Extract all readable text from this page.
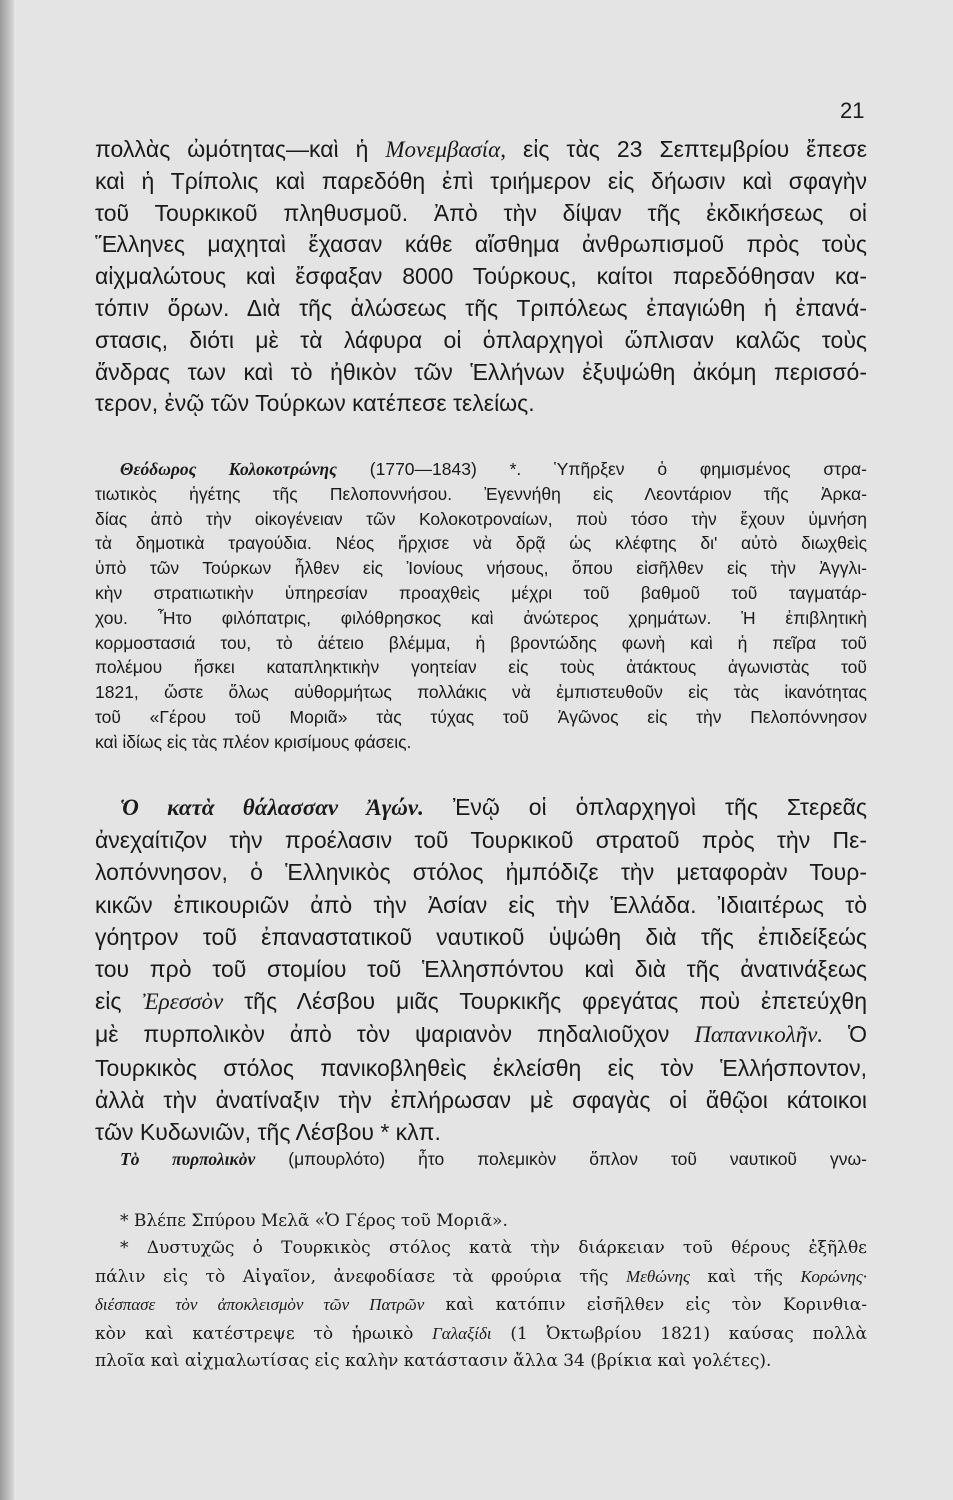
21
πολλὰς ὠμότητας—καὶ ἡ Μονεμβασία, εἰς τὰς 23 Σεπτεμβρίου ἔπεσε
καὶ ἡ Τρίπολις καὶ παρεδόθη ἐπὶ τριήμερον εἰς δήωσιν καὶ σφαγὴν
τοῦ Τουρκικοῦ πληθυσμοῦ. Ἀπὸ τὴν δίψαν τῆς ἐκδικήσεως οἱ
Ἕλληνες μαχηταὶ ἔχασαν κάθε αἴσθημα ἀνθρωπισμοῦ πρὸς τοὺς
αἰχμαλώτους καὶ ἔσφαξαν 8000 Τούρκους, καίτοι παρεδόθησαν κα-
τόπιν ὅρων. Διὰ τῆς ἁλώσεως τῆς Τριπόλεως ἐπαγιώθη ἡ ἐπανά-
στασις, διότι μὲ τὰ λάφυρα οἱ ὁπλαρχηγοὶ ὥπλισαν καλῶς τοὺς
ἄνδρας των καὶ τὸ ἠθικὸν τῶν Ἑλλήνων ἐξυψώθη ἀκόμη περισσό-
τερον, ἐνῷ τῶν Τούρκων κατέπεσε τελείως.
Θεόδωρος Κολοκοτρώνης (1770—1843) *. Ὑπῆρξεν ὁ φημισμένος στρα-
τιωτικὸς ἡγέτης τῆς Πελοποννήσου. Ἐγεννήθη εἰς Λεοντάριον τῆς Ἀρκα-
δίας ἀπὸ τὴν οἰκογένειαν τῶν Κολοκοτροναίων, ποὺ τόσο τὴν ἔχουν ὑμνήση
τὰ δημοτικὰ τραγούδια. Νέος ἤρχισε νὰ δρᾷ ὡς κλέφτης δι' αὐτὸ διωχθεὶς
ὑπὸ τῶν Τούρκων ἦλθεν εἰς Ἰονίους νήσους, ὅπου εἰσῆλθεν εἰς τὴν Ἀγγλι-
κὴν στρατιωτικὴν ὑπηρεσίαν προαχθεὶς μέχρι τοῦ βαθμοῦ τοῦ ταγματάρ-
χου. Ἦτο φιλόπατρις, φιλόθρησκος καὶ ἀνώτερος χρημάτων. Ἡ ἐπιβλητικὴ
κορμοστασιά του, τὸ ἀέτειο βλέμμα, ἡ βροντώδης φωνὴ καὶ ἡ πεῖρα τοῦ
πολέμου ἤσκει καταπληκτικὴν γοητείαν εἰς τοὺς ἀτάκτους ἀγωνιστὰς τοῦ
1821, ὥστε ὅλως αὐθορμήτως πολλάκις νὰ ἐμπιστευθοῦν εἰς τὰς ἱκανότητας
τοῦ «Γέρου τοῦ Μοριᾶ» τὰς τύχας τοῦ Ἀγῶνος εἰς τὴν Πελοπόννησον
καὶ ἰδίως εἰς τὰς πλέον κρισίμους φάσεις.
Ὁ κατὰ θάλασσαν Ἀγών. Ἐνῷ οἱ ὁπλαρχηγοὶ τῆς Στερεᾶς
ἀνεχαίτιζον τὴν προέλασιν τοῦ Τουρκικοῦ στρατοῦ πρὸς τὴν Πε-
λοπόννησον, ὁ Ἑλληνικὸς στόλος ἠμπόδιζε τὴν μεταφορὰν Τουρ-
κικῶν ἐπικουριῶν ἀπὸ τὴν Ἀσίαν εἰς τὴν Ἑλλάδα. Ἰδιαιτέρως τὸ
γόητρον τοῦ ἐπαναστατικοῦ ναυτικοῦ ὑψώθη διὰ τῆς ἐπιδείξεώς
του πρὸ τοῦ στομίου τοῦ Ἑλλησπόντου καὶ διὰ τῆς ἀνατινάξεως
εἰς Ἐρεσσὸν τῆς Λέσβου μιᾶς Τουρκικῆς φρεγάτας ποὺ ἐπετεύχθη
μὲ πυρπολικὸν ἀπὸ τὸν ψαριανὸν πηδαλιοῦχον Παπανικολῆν. Ὁ
Τουρκικὸς στόλος πανικοβληθεὶς ἐκλείσθη εἰς τὸν Ἑλλήσποντον,
ἀλλὰ τὴν ἀνατίναξιν τὴν ἐπλήρωσαν μὲ σφαγὰς οἱ ἄθῷοι κάτοικοι
τῶν Κυδωνιῶν, τῆς Λέσβου * κλπ.
Τὸ πυρπολικὸν (μπουρλότο) ἦτο πολεμικὸν ὅπλον τοῦ ναυτικοῦ γνω-
* Βλέπε Σπύρου Μελᾶ «Ὁ Γέρος τοῦ Μοριᾶ».
* Δυστυχῶς ὁ Τουρκικὸς στόλος κατὰ τὴν διάρκειαν τοῦ θέρους ἐξῆλθε
πάλιν εἰς τὸ Αἰγαῖον, ἀνεφοδίασε τὰ φρούρια τῆς Μεθώνης καὶ τῆς Κορώνης·
διέσπασε τὸν ἀποκλεισμὸν τῶν Πατρῶν καὶ κατόπιν εἰσῆλθεν εἰς τὸν Κορινθια-
κὸν καὶ κατέστρεψε τὸ ἡρωικὸ Γαλαξίδι (1 Ὀκτωβρίου 1821) καύσας πολλὰ
πλοῖα καὶ αἰχμαλωτίσας εἰς καλὴν κατάστασιν ἄλλα 34 (βρίκια καὶ γολέτες).
